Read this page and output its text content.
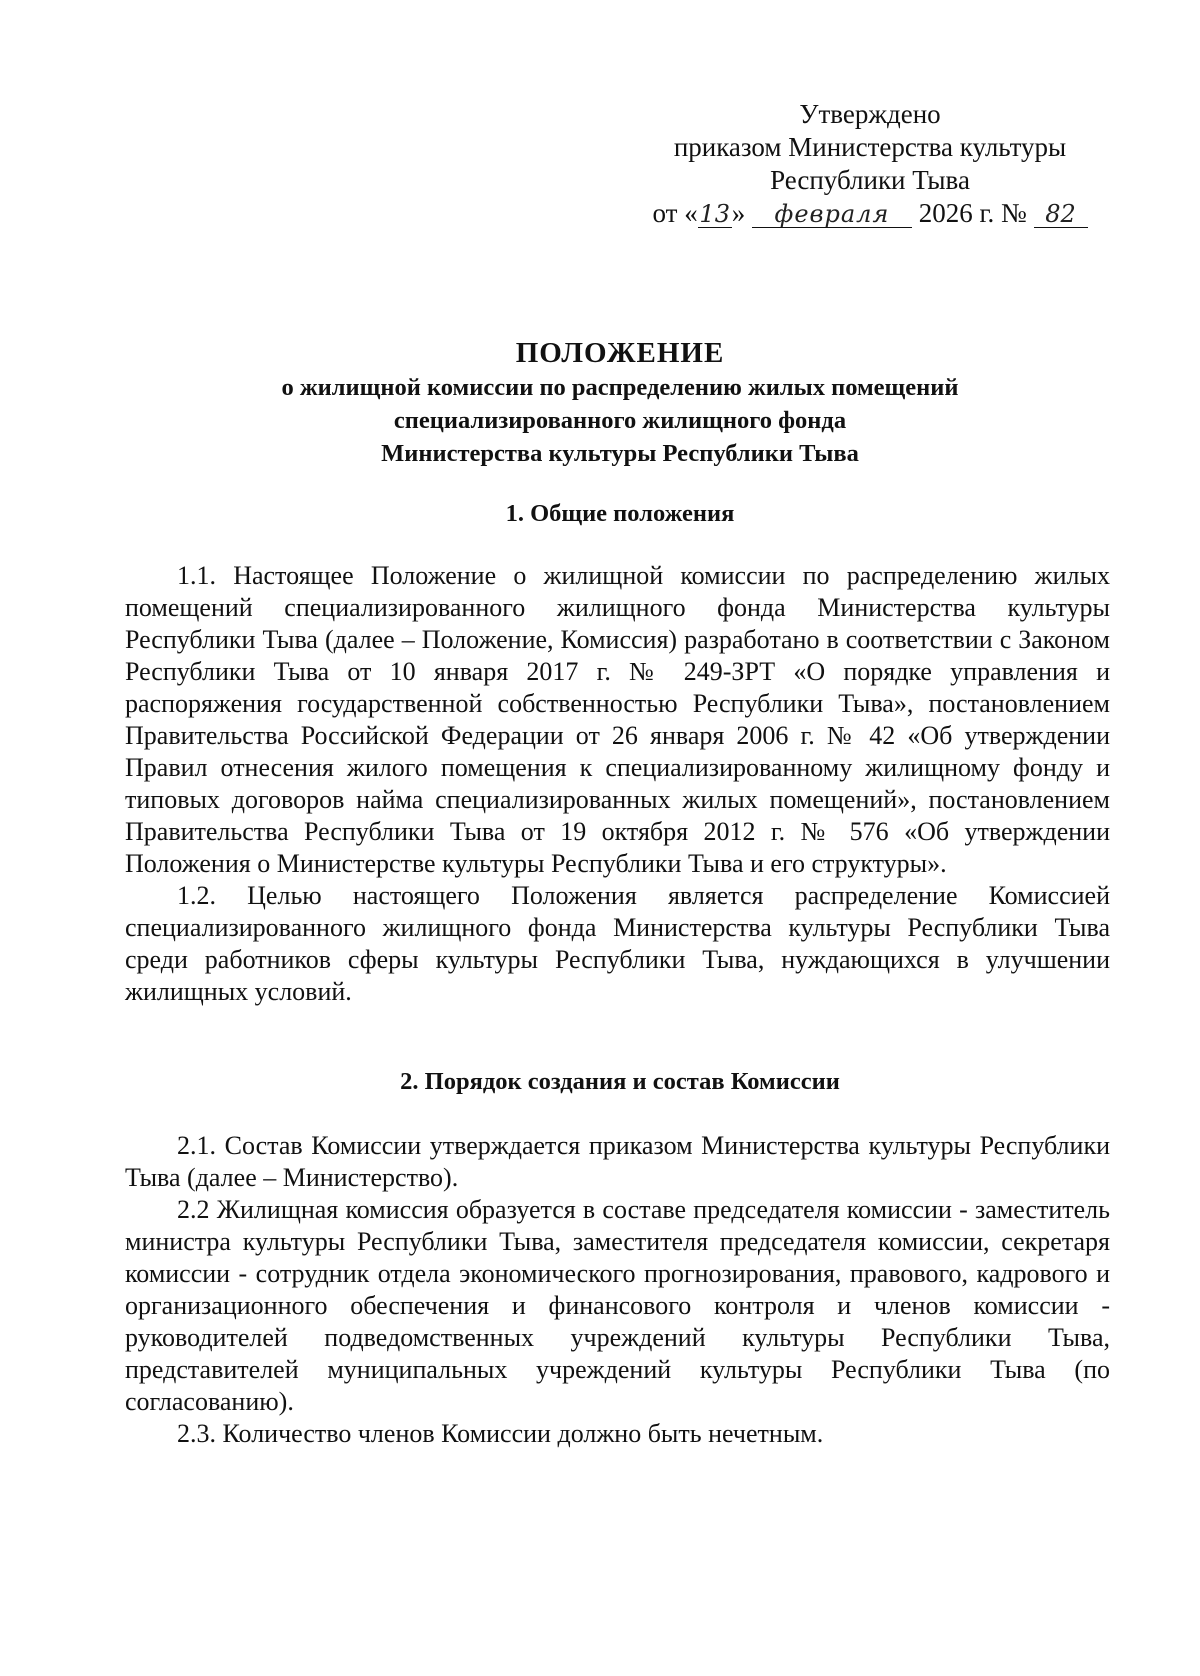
Утверждено
приказом Министерства культуры
Республики Тыва
от «13» февраля 2026 г. № 82
ПОЛОЖЕНИЕ
о жилищной комиссии по распределению жилых помещений
специализированного жилищного фонда
Министерства культуры Республики Тыва
1. Общие положения

1.1. Настоящее Положение о жилищной комиссии по распределению жилых помещений специализированного жилищного фонда Министерства культуры Республики Тыва (далее – Положение, Комиссия) разработано в соответствии с Законом Республики Тыва от 10 января 2017 г. № 249-ЗРТ «О порядке управления и распоряжения государственной собственностью Республики Тыва», постановлением Правительства Российской Федерации от 26 января 2006 г. № 42 «Об утверждении Правил отнесения жилого помещения к специализированному жилищному фонду и типовых договоров найма специализированных жилых помещений», постановлением Правительства Республики Тыва от 19 октября 2012 г. № 576 «Об утверждении Положения о Министерстве культуры Республики Тыва и его структуры».

1.2. Целью настоящего Положения является распределение Комиссией специализированного жилищного фонда Министерства культуры Республики Тыва среди работников сферы культуры Республики Тыва, нуждающихся в улучшении жилищных условий.

2. Порядок создания и состав Комиссии

2.1. Состав Комиссии утверждается приказом Министерства культуры Республики Тыва (далее – Министерство).

2.2 Жилищная комиссия образуется в составе председателя комиссии - заместитель министра культуры Республики Тыва, заместителя председателя комиссии, секретаря комиссии - сотрудник отдела экономического прогнозирования, правового, кадрового и организационного обеспечения и финансового контроля и членов комиссии - руководителей подведомственных учреждений культуры Республики Тыва, представителей муниципальных учреждений культуры Республики Тыва (по согласованию).

2.3. Количество членов Комиссии должно быть нечетным.
